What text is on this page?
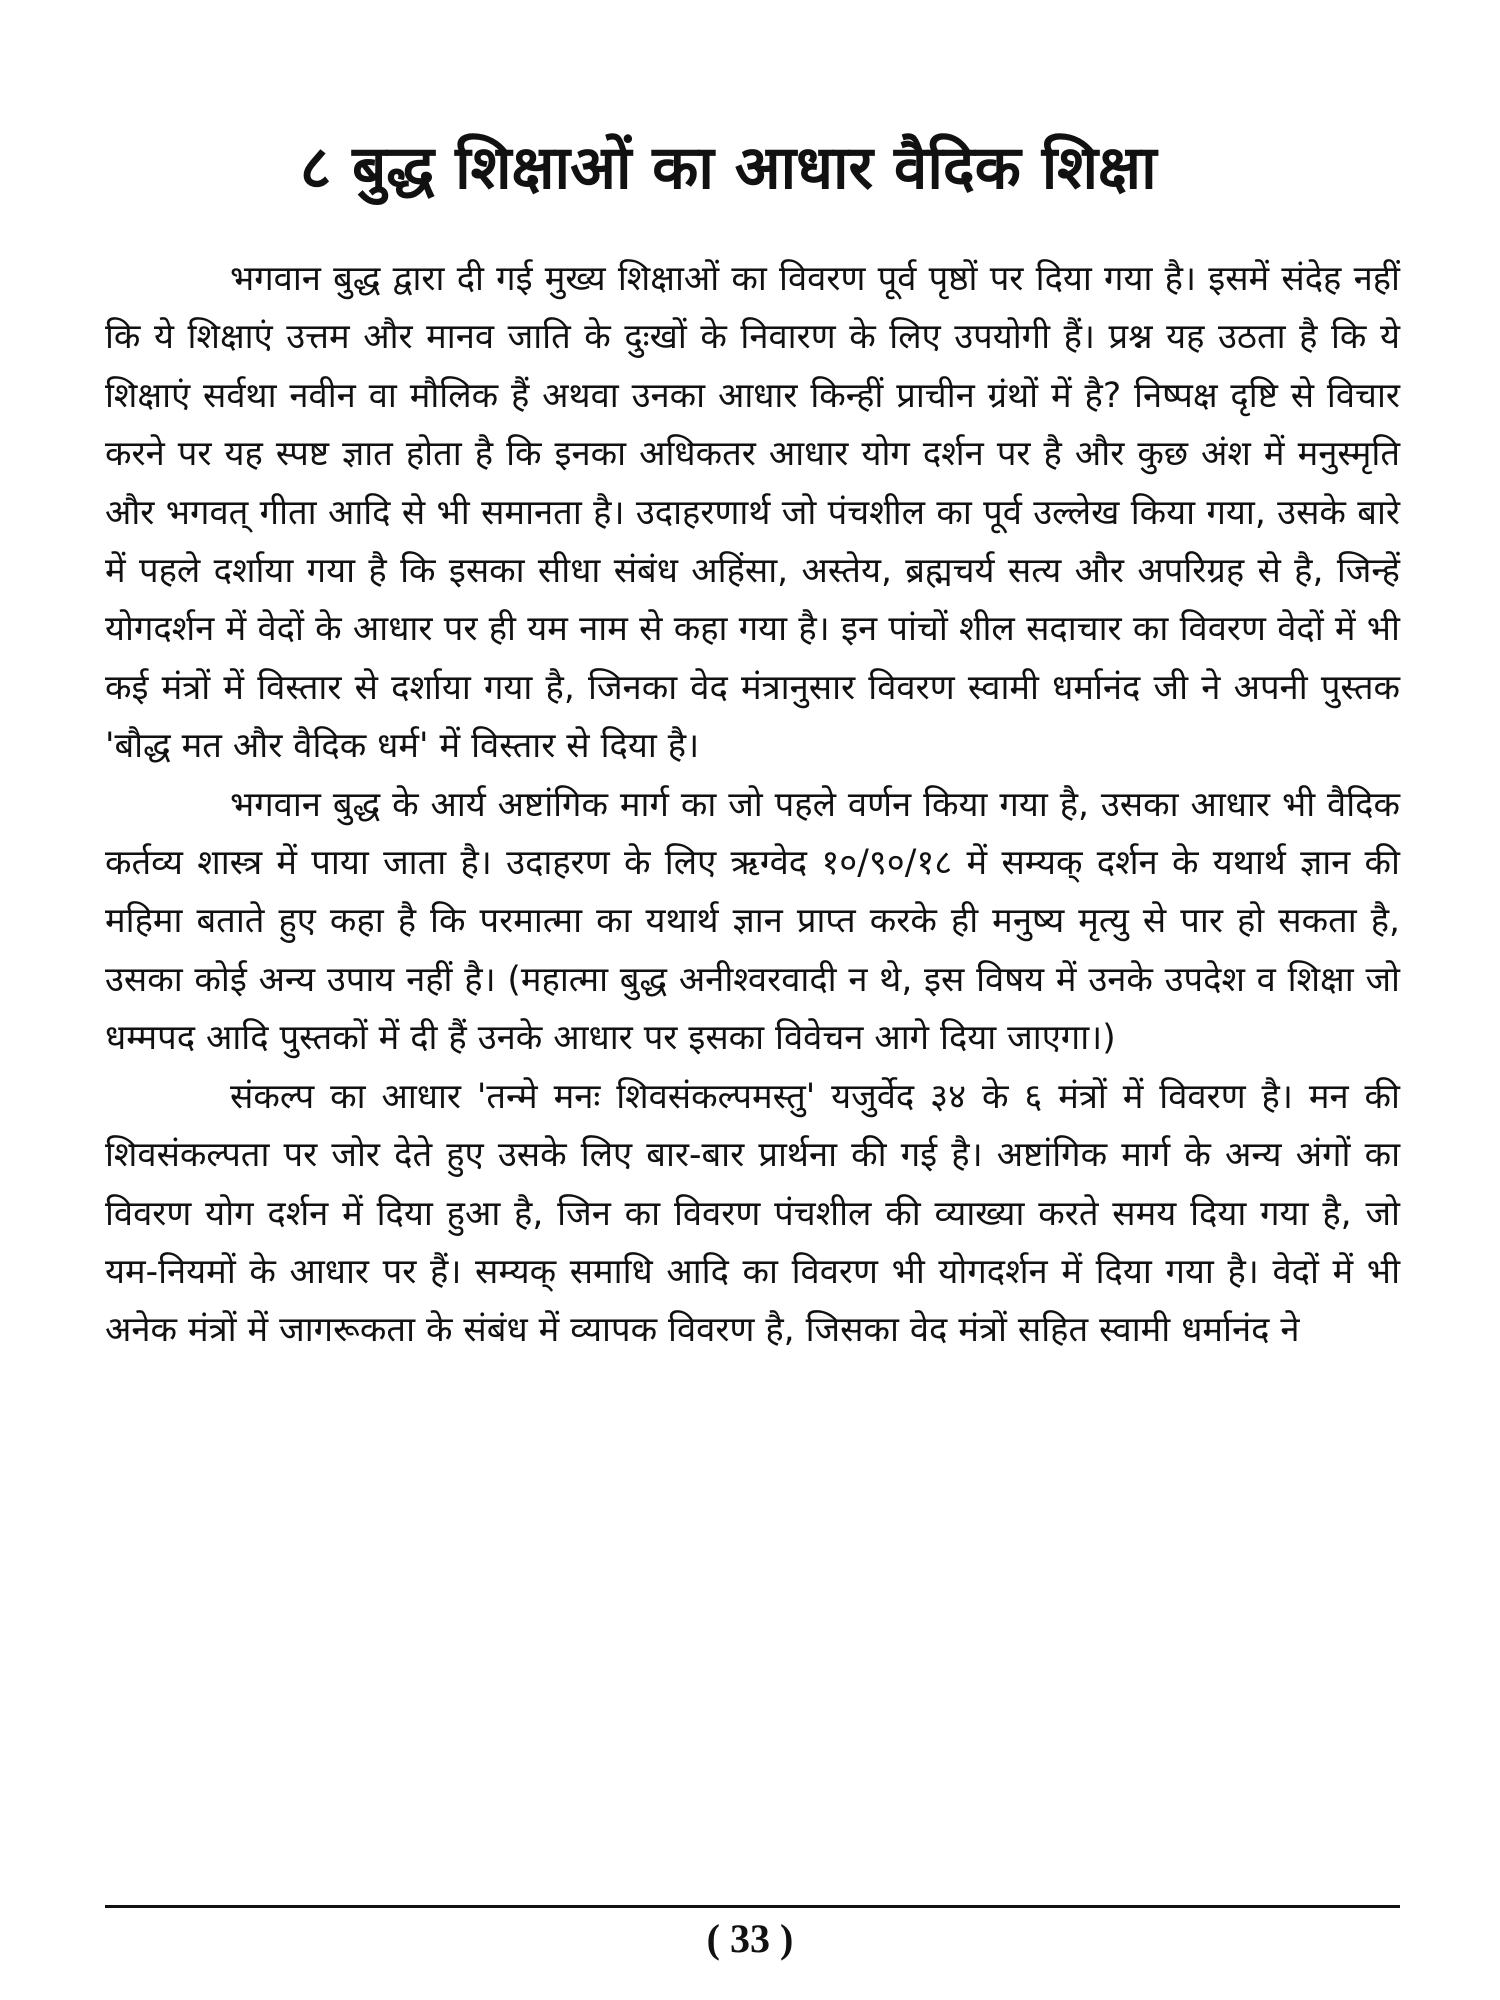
८ बुद्ध शिक्षाओं का आधार वैदिक शिक्षा

भगवान बुद्ध द्वारा दी गई मुख्य शिक्षाओं का विवरण पूर्व पृष्ठों पर दिया गया है। इसमें संदेह नहीं कि ये शिक्षाएं उत्तम और मानव जाति के दुःखों के निवारण के लिए उपयोगी हैं। प्रश्न यह उठता है कि ये शिक्षाएं सर्वथा नवीन वा मौलिक हैं अथवा उनका आधार किन्हीं प्राचीन ग्रंथों में है? निष्पक्ष दृष्टि से विचार करने पर यह स्पष्ट ज्ञात होता है कि इनका अधिकतर आधार योग दर्शन पर है और कुछ अंश में मनुस्मृति और भगवत् गीता आदि से भी समानता है। उदाहरणार्थ जो पंचशील का पूर्व उल्लेख किया गया, उसके बारे में पहले दर्शाया गया है कि इसका सीधा संबंध अहिंसा, अस्तेय, ब्रह्मचर्य सत्य और अपरिग्रह से है, जिन्हें योगदर्शन में वेदों के आधार पर ही यम नाम से कहा गया है। इन पांचों शील सदाचार का विवरण वेदों में भी कई मंत्रों में विस्तार से दर्शाया गया है, जिनका वेद मंत्रानुसार विवरण स्वामी धर्मानंद जी ने अपनी पुस्तक 'बौद्ध मत और वैदिक धर्म' में विस्तार से दिया है।

भगवान बुद्ध के आर्य अष्टांगिक मार्ग का जो पहले वर्णन किया गया है, उसका आधार भी वैदिक कर्तव्य शास्त्र में पाया जाता है। उदाहरण के लिए ऋग्वेद १०/९०/१८ में सम्यक् दर्शन के यथार्थ ज्ञान की महिमा बताते हुए कहा है कि परमात्मा का यथार्थ ज्ञान प्राप्त करके ही मनुष्य मृत्यु से पार हो सकता है, उसका कोई अन्य उपाय नहीं है। (महात्मा बुद्ध अनीश्वरवादी न थे, इस विषय में उनके उपदेश व शिक्षा जो धम्मपद आदि पुस्तकों में दी हैं उनके आधार पर इसका विवेचन आगे दिया जाएगा।)

संकल्प का आधार 'तन्मे मनः शिवसंकल्पमस्तु' यजुर्वेद ३४ के ६ मंत्रों में विवरण है। मन की शिवसंकल्पता पर जोर देते हुए उसके लिए बार-बार प्रार्थना की गई है। अष्टांगिक मार्ग के अन्य अंगों का विवरण योग दर्शन में दिया हुआ है, जिन का विवरण पंचशील की व्याख्या करते समय दिया गया है, जो यम-नियमों के आधार पर हैं। सम्यक् समाधि आदि का विवरण भी योगदर्शन में दिया गया है। वेदों में भी अनेक मंत्रों में जागरूकता के संबंध में व्यापक विवरण है, जिसका वेद मंत्रों सहित स्वामी धर्मानंद ने

( 33 )
